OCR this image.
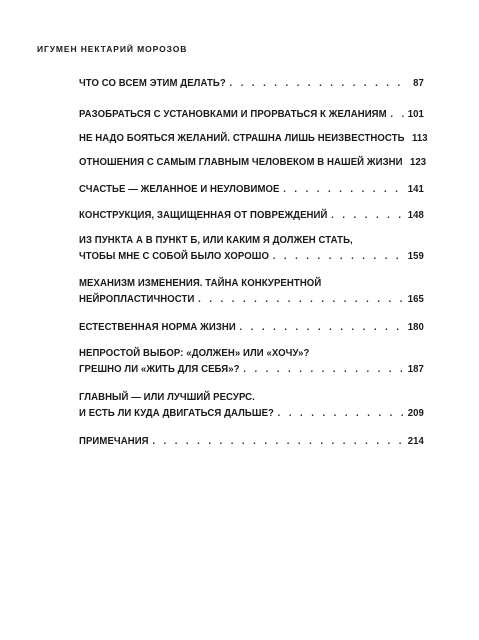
ИГУМЕН НЕКТАРИЙ МОРОЗОВ
ЧТО СО ВСЕМ ЭТИМ ДЕЛАТЬ? . . .	87
РАЗОБРАТЬСЯ С УСТАНОВКАМИ И ПРОРВАТЬСЯ К ЖЕЛАНИЯМ . . . 101
НЕ НАДО БОЯТЬСЯ ЖЕЛАНИЙ. СТРАШНА ЛИШЬ НЕИЗВЕСТНОСТЬ 113
ОТНОШЕНИЯ С САМЫМ ГЛАВНЫМ ЧЕЛОВЕКОМ В НАШЕЙ ЖИЗНИ 123
СЧАСТЬЕ — ЖЕЛАННОЕ И НЕУЛОВИМОЕ . . .	141
КОНСТРУКЦИЯ, ЗАЩИЩЕННАЯ ОТ ПОВРЕЖДЕНИЙ . . .	148
ИЗ ПУНКТА А В ПУНКТ Б, ИЛИ КАКИМ Я ДОЛЖЕН СТАТЬ,
ЧТОБЫ МНЕ С СОБОЙ БЫЛО ХОРОШО . . .	159
МЕХАНИЗМ ИЗМЕНЕНИЯ. ТАЙНА КОНКУРЕНТНОЙ
НЕЙРОПЛАСТИЧНОСТИ . . .	165
ЕСТЕСТВЕННАЯ НОРМА ЖИЗНИ . . .	180
НЕПРОСТОЙ ВЫБОР: «ДОЛЖЕН» ИЛИ «ХОЧУ»?
ГРЕШНО ЛИ «ЖИТЬ ДЛЯ СЕБЯ»? . . .	187
ГЛАВНЫЙ — ИЛИ ЛУЧШИЙ РЕСУРС.
И ЕСТЬ ЛИ КУДА ДВИГАТЬСЯ ДАЛЬШЕ? . . .	209
ПРИМЕЧАНИЯ . . .	214
